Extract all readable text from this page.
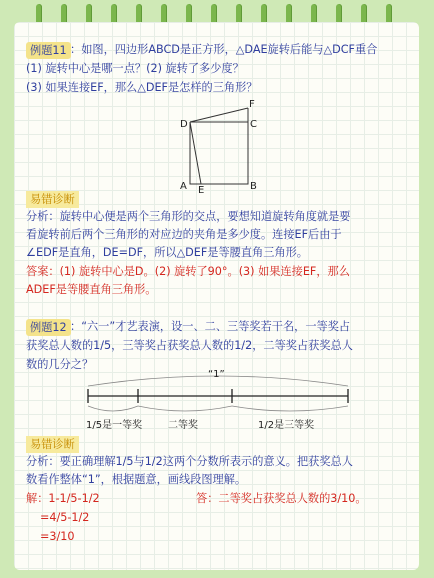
例题11 ：如图，四边形ABCD是正方形，△DAE旋转后能与△DCF重合
(1) 旋转中心是哪一点？(2) 旋转了多少度？
(3) 如果连接EF，那么△DEF是怎样的三角形？
D
A E	B
C
F
易错诊断
分析：旋转中心便是两个三角形的交点，要想知道旋转角度就是要
看旋转前后两个三角形的对应边的夹角是多少度。连接EF后由于
∠EDF是直角，DE=DF，所以△DEF是等腰直角三角形。
答案：(1) 旋转中心是D。(2) 旋转了90°。(3) 如果连接EF，那么
ADEF是等腰直角三角形。
例题12 ：“六一”才艺表演，设一、二、三等奖若干名，一等奖占
获奖总人数的1/5，三等奖占获奖总人数的1/2，二等奖占获奖总人
数的几分之？
“1”
1/5是一等奖	二等奖	1/2是三等奖
易错诊断
分析：要正确理解1/5与1/2这两个分数所表示的意义。把获奖总人
数看作整体“1”，根据题意，画线段图理解。
解：1-1/5-1/2	答：二等奖占获奖总人数的3/10。
=4/5-1/2
=3/10
